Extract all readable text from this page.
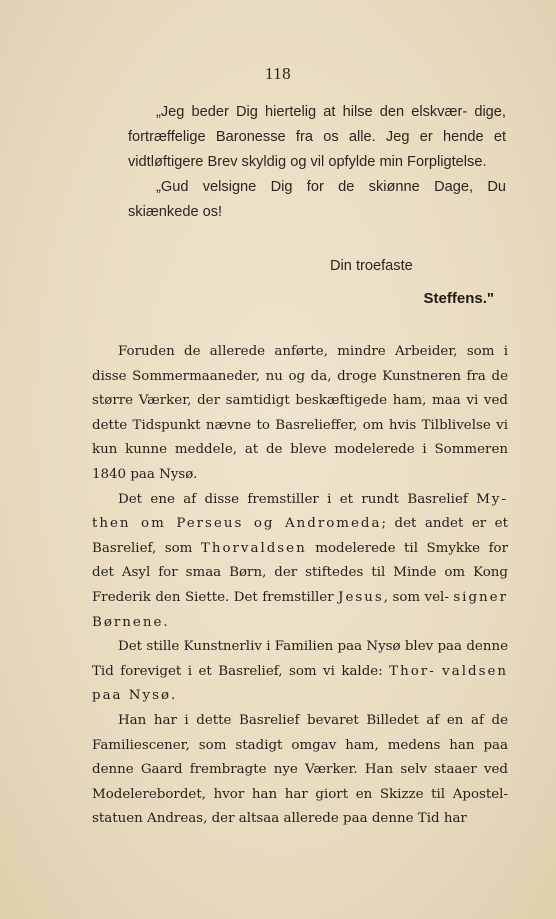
118

„Jeg beder Dig hiertelig at hilse den elskvær- dige, fortræffelige Baronesse fra os alle. Jeg er hende et vidtløftigere Brev skyldig og vil opfylde min Forpligtelse.

„Gud velsigne Dig for de skiønne Dage, Du skiænkede os!

Din troefaste
Steffens."

Foruden de allerede anførte, mindre Arbeider, som i disse Sommermaaneder, nu og da, droge Kunstneren fra de større Værker, der samtidigt beskæftigede ham, maa vi ved dette Tidspunkt nævne to Basrelieffer, om hvis Tilblivelse vi kun kunne meddele, at de bleve modelerede i Sommeren 1840 paa Nysø.

Det ene af disse fremstiller i et rundt Basrelief My- then om Perseus og Andromeda; det andet er et Basrelief, som Thorvaldsen modelerede til Smykke for det Asyl for smaa Børn, der stiftedes til Minde om Kong Frederik den Siette. Det fremstiller Jesus, som vel- signer Børnene.

Det stille Kunstnerliv i Familien paa Nysø blev paa denne Tid foreviget i et Basrelief, som vi kalde: Thor- valdsen paa Nysø.

Han har i dette Basrelief bevaret Billedet af en af de Familiescener, som stadigt omgav ham, medens han paa denne Gaard frembragte nye Værker. Han selv staaer ved Modelerebordet, hvor han har giort en Skizze til Apostel- statuen Andreas, der altsaa allerede paa denne Tid har
